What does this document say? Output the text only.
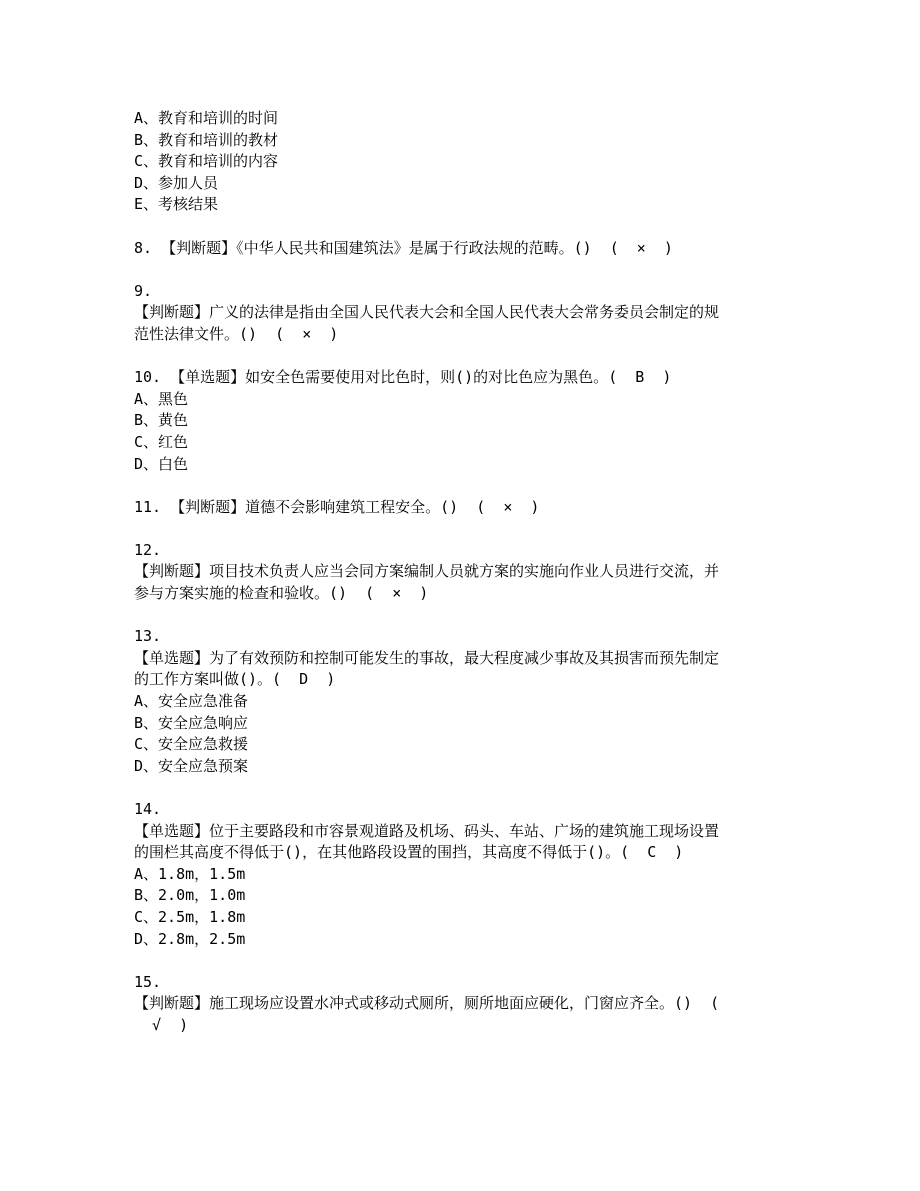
A、教育和培训的时间
B、教育和培训的教材
C、教育和培训的内容
D、参加人员
E、考核结果
8. 【判断题】《中华人民共和国建筑法》是属于行政法规的范畴。()  (  ×  )
9.
【判断题】广义的法律是指由全国人民代表大会和全国人民代表大会常务委员会制定的规
范性法律文件。()  (  ×  )
10. 【单选题】如安全色需要使用对比色时，则()的对比色应为黑色。(  B  )
A、黑色
B、黄色
C、红色
D、白色
11. 【判断题】道德不会影响建筑工程安全。()  (  ×  )
12.
【判断题】项目技术负责人应当会同方案编制人员就方案的实施向作业人员进行交流，并
参与方案实施的检查和验收。()  (  ×  )
13.
【单选题】为了有效预防和控制可能发生的事故，最大程度减少事故及其损害而预先制定
的工作方案叫做()。(  D  )
A、安全应急准备
B、安全应急响应
C、安全应急救援
D、安全应急预案
14.
【单选题】位于主要路段和市容景观道路及机场、码头、车站、广场的建筑施工现场设置
的围栏其高度不得低于()，在其他路段设置的围挡，其高度不得低于()。(  C  )
A、1.8m，1.5m
B、2.0m，1.0m
C、2.5m，1.8m
D、2.8m，2.5m
15.
【判断题】施工现场应设置水冲式或移动式厕所，厕所地面应硬化，门窗应齐全。()  (
√  )
